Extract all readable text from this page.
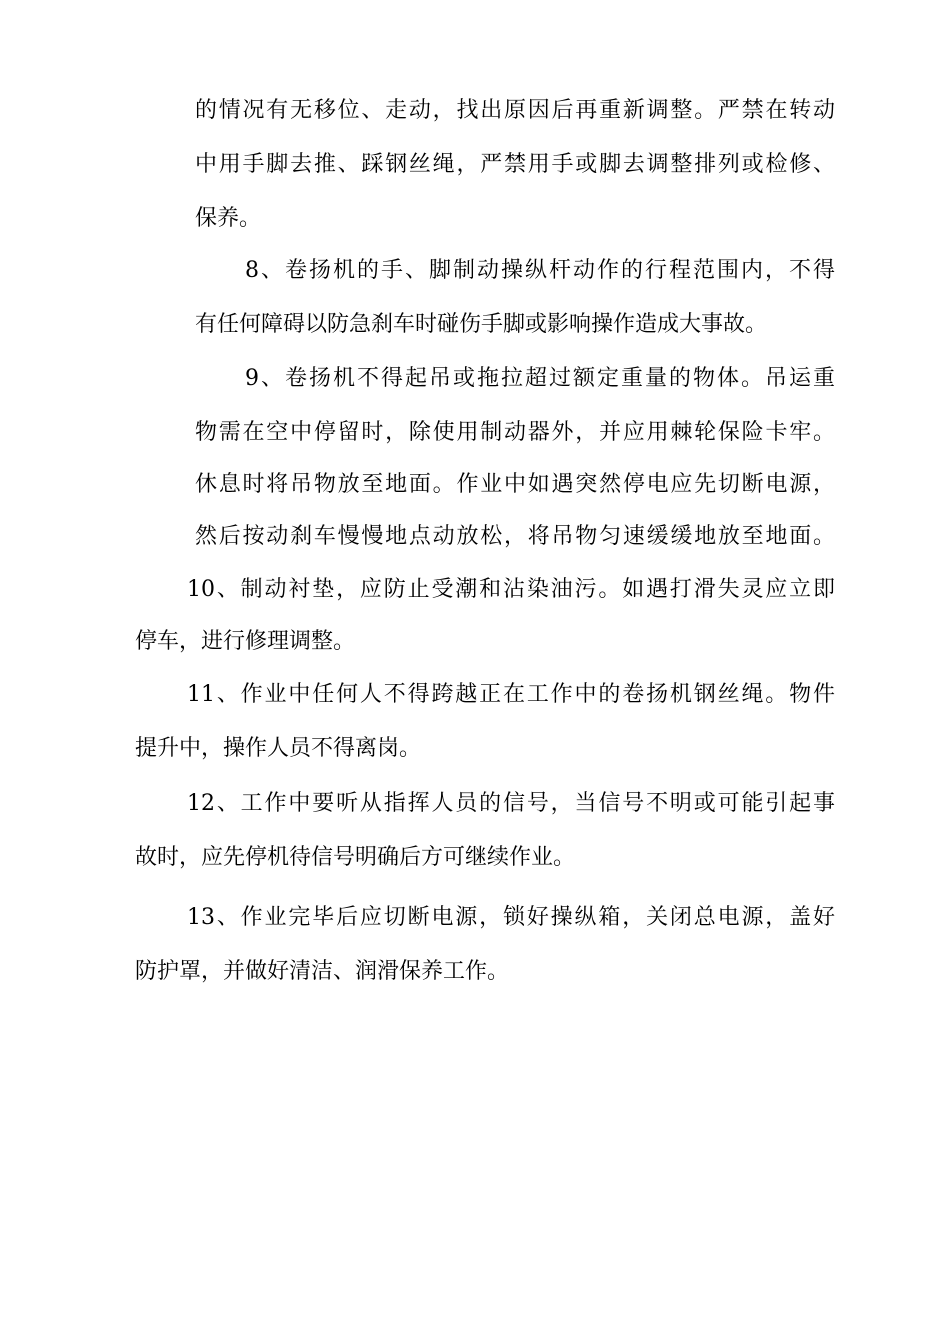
的情况有无移位、走动，找出原因后再重新调整。严禁在转动
中用手脚去推、踩钢丝绳，严禁用手或脚去调整排列或检修、
保养。
8、卷扬机的手、脚制动操纵杆动作的行程范围内，不得
有任何障碍以防急刹车时碰伤手脚或影响操作造成大事故。
9、卷扬机不得起吊或拖拉超过额定重量的物体。吊运重
物需在空中停留时，除使用制动器外，并应用棘轮保险卡牢。
休息时将吊物放至地面。作业中如遇突然停电应先切断电源，
然后按动刹车慢慢地点动放松，将吊物匀速缓缓地放至地面。
10、制动衬垫，应防止受潮和沾染油污。如遇打滑失灵应立即
停车，进行修理调整。
11、作业中任何人不得跨越正在工作中的卷扬机钢丝绳。物件
提升中，操作人员不得离岗。
12、工作中要听从指挥人员的信号，当信号不明或可能引起事
故时，应先停机待信号明确后方可继续作业。
13、作业完毕后应切断电源，锁好操纵箱，关闭总电源，盖好
防护罩，并做好清洁、润滑保养工作。
